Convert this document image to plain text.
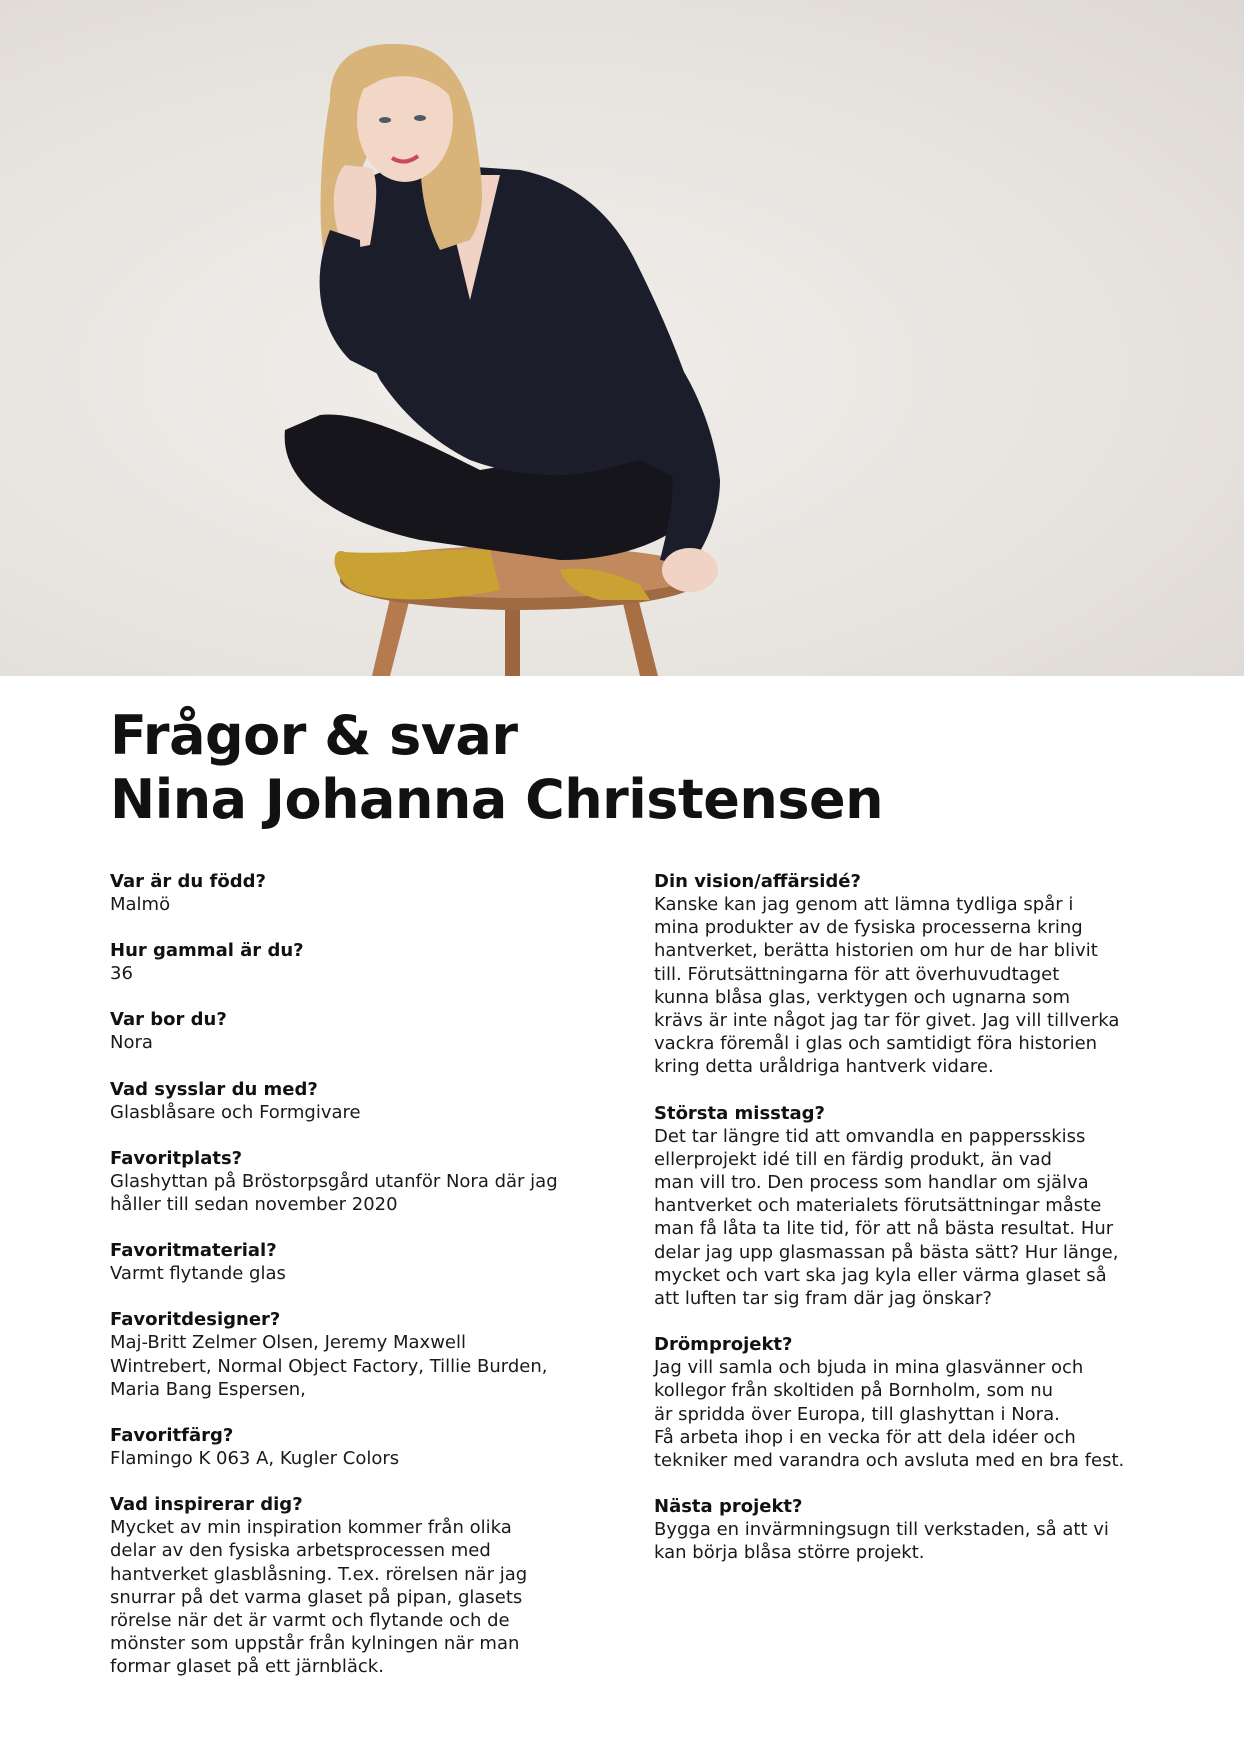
Frågor & svar
Nina Johanna Christensen
Var är du född?
Malmö
Hur gammal är du?
36
Var bor du?
Nora
Vad sysslar du med?
Glasblåsare och Formgivare
Favoritplats?
Glashyttan på Bröstorpsgård utanför Nora där jag
håller till sedan november 2020
Favoritmaterial?
Varmt flytande glas
Favoritdesigner?
Maj-Britt Zelmer Olsen, Jeremy Maxwell
Wintrebert, Normal Object Factory, Tillie Burden,
Maria Bang Espersen,
Favoritfärg?
Flamingo K 063 A, Kugler Colors
Vad inspirerar dig?
Mycket av min inspiration kommer från olika
delar av den fysiska arbetsprocessen med
hantverket glasblåsning. T.ex. rörelsen när jag
snurrar på det varma glaset på pipan, glasets
rörelse när det är varmt och flytande och de
mönster som uppstår från kylningen när man
formar glaset på ett järnbläck.
Din vision/affärsidé?
Kanske kan jag genom att lämna tydliga spår i
mina produkter av de fysiska processerna kring
hantverket, berätta historien om hur de har blivit
till. Förutsättningarna för att överhuvudtaget
kunna blåsa glas, verktygen och ugnarna som
krävs är inte något jag tar för givet. Jag vill tillverka
vackra föremål i glas och samtidigt föra historien
kring detta uråldriga hantverk vidare.
Största misstag?
Det tar längre tid att omvandla en pappersskiss
ellerprojekt idé till en färdig produkt, än vad
man vill tro. Den process som handlar om själva
hantverket och materialets förutsättningar måste
man få låta ta lite tid, för att nå bästa resultat. Hur
delar jag upp glasmassan på bästa sätt? Hur länge,
mycket och vart ska jag kyla eller värma glaset så
att luften tar sig fram där jag önskar?
Drömprojekt?
Jag vill samla och bjuda in mina glasvänner och
kollegor från skoltiden på Bornholm, som nu
är spridda över Europa, till glashyttan i Nora.
Få arbeta ihop i en vecka för att dela idéer och
tekniker med varandra och avsluta med en bra fest.
Nästa projekt?
Bygga en invärmningsugn till verkstaden, så att vi
kan börja blåsa större projekt.
